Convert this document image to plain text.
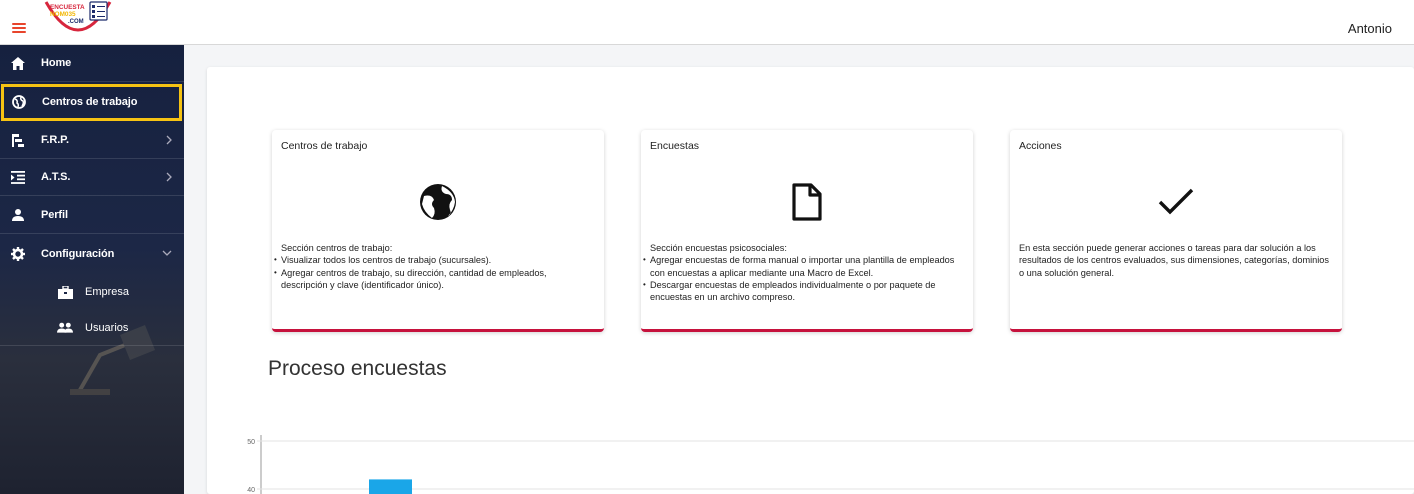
ENCUESTA
NOM035
.COM	Antonio
Home
Centros de trabajo
F.R.P.
A.T.S.
Perfil
Configuración
Empresa
Usuarios
Centros de trabajo
Sección centros de trabajo:
• Visualizar todos los centros de trabajo (sucursales).
• Agregar centros de trabajo, su dirección, cantidad de empleados, descripción y clave (identificador único).
Encuestas
Sección encuestas psicosociales:
• Agregar encuestas de forma manual o importar una plantilla de empleados con encuestas a aplicar mediante una Macro de Excel.
• Descargar encuestas de empleados individualmente o por paquete de encuestas en un archivo compreso.
Acciones
En esta sección puede generar acciones o tareas para dar solución a los resultados de los centros evaluados, sus dimensiones, categorías, dominios o una solución general.
Proceso encuestas
40
50
